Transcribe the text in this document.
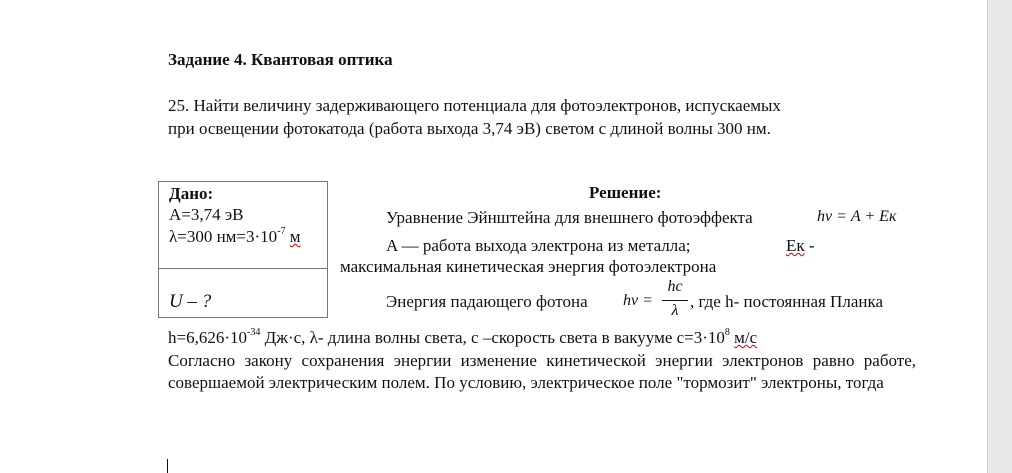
Задание 4. Квантовая оптика
25. Найти величину задерживающего потенциала для фотоэлектронов, испускаемых
при освещении фотокатода (работа выхода 3,74 эВ) светом с длиной волны 300 нм.
Дано:
A=3,74 эВ
λ=300 $нм=3\cdot 10^{-7}$ м
U – ?
Решение:
Уравнение Эйнштейна для внешнего фотоэффекта	hν = A + Eк
A — работа выхода электрона из металла;	Eк -
максимальная кинетическая энергия фотоэлектрона
Энергия падающего фотона hν =
hc
λ , где h- постоянная Планка
$h=6,626\cdot 10^{-34}$ Дж·с, λ- длина волны света, с –скорость света в вакууме $с=3\cdot 10^8$ м/с
Согласно закону сохранения энергии изменение кинетической энергии электронов равно работе, совершаемой электрическим полем. По условию, электрическое поле "тормозит" электроны, тогда
